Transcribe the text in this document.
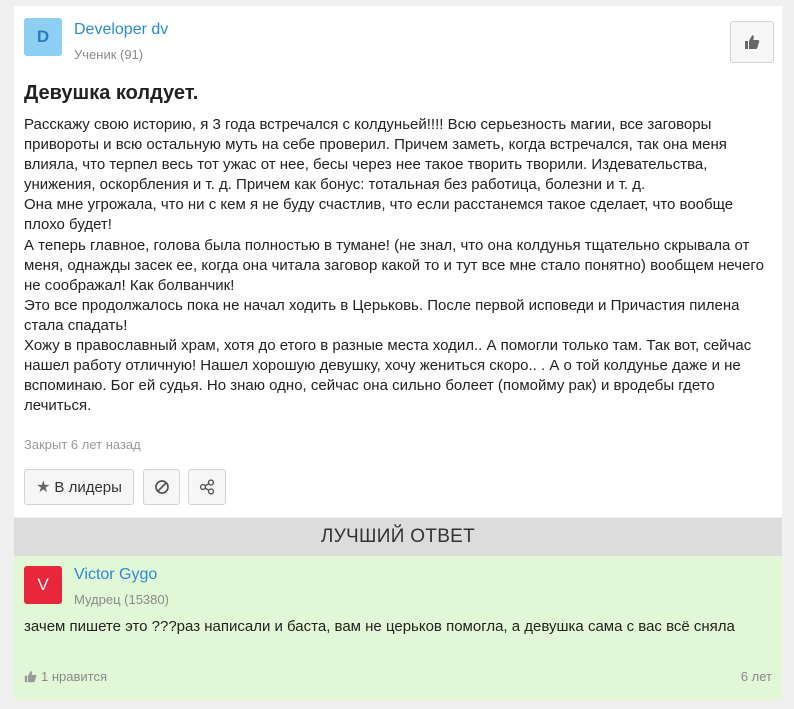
D	Developer dv
Ученик (91)
Девушка колдует.

Расскажу свою историю, я 3 года встречался с колдуньей!!!! Всю серьезность магии, все заговоры привороты и всю остальную муть на себе проверил. Причем заметь, когда встречался, так она меня влияла, что терпел весь тот ужас от нее, бесы через нее такое творить творили. Издевательства, унижения, оскорбления и т. д. Причем как бонус: тотальная без работица, болезни и т. д.

Она мне угрожала, что ни с кем я не буду счастлив, что если расстанемся такое сделает, что вообще плохо будет!

А теперь главное, голова была полностью в тумане! (не знал, что она колдунья тщательно скрывала от меня, однажды засек ее, когда она читала заговор какой то и тут все мне стало понятно) вообщем нечего не соображал! Как болванчик!

Это все продолжалось пока не начал ходить в Церьковь. После первой исповеди и Причастия пилена стала спадать!

Хожу в православный храм, хотя до етого в разные места ходил.. А помогли только там. Так вот, сейчас нашел работу отличную! Нашел хорошую девушку, хочу жениться скоро.. . А о той колдунье даже и не вспоминаю. Бог ей судья. Но знаю одно, сейчас она сильно болеет (помойму рак) и вродебы гдето лечиться.

Закрыт 6 лет назад
★ В лидеры
ЛУЧШИЙ ОТВЕТ
V
Victor Gygo
Мудрец (15380)
зачем пишете это ???раз написали и баста, вам не церьков помогла, а девушка сама с вас всё сняла
1 нравится	6 лет
